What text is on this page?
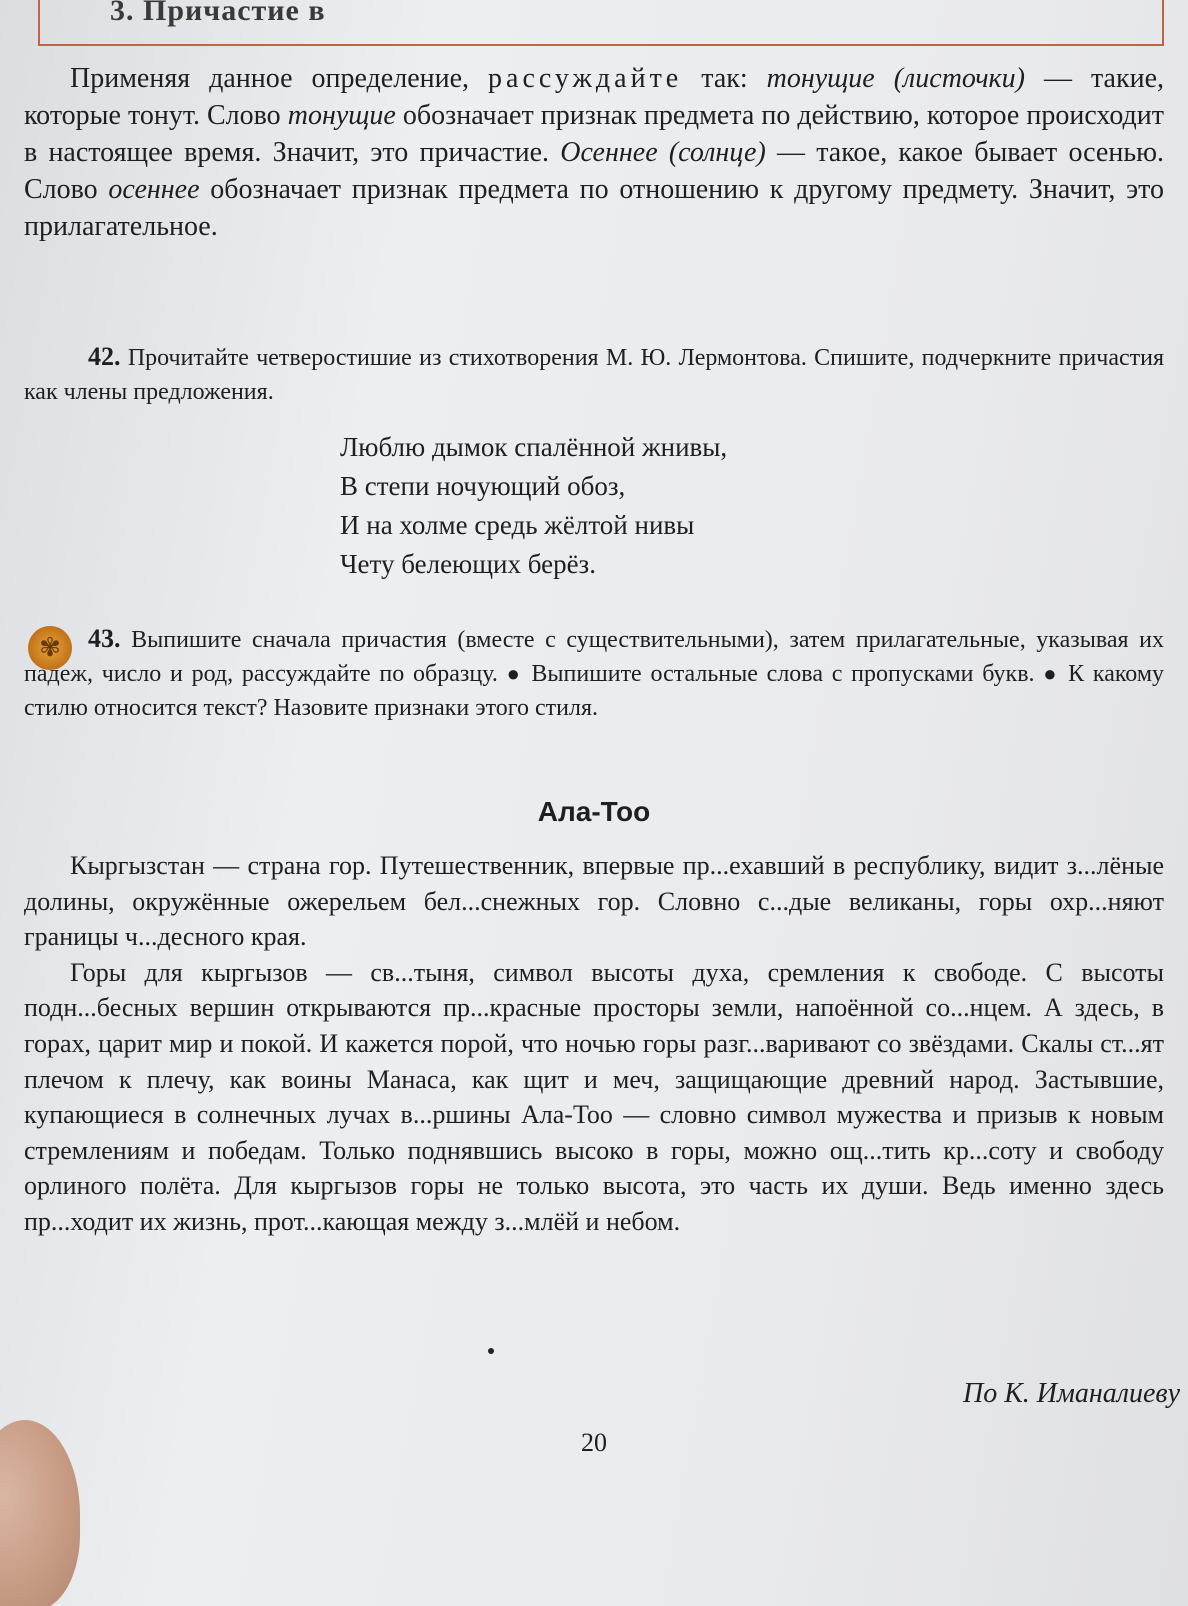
3. Причастие в

Применяя данное определение, рассуждайте так: тонущие (листочки) — такие, которые тонут. Слово тонущие обозначает признак предмета по действию, которое происходит в настоящее время. Значит, это причастие. Осеннее (солнце) — такое, какое бывает осенью. Слово осеннее обозначает признак предмета по отношению к другому предмету. Значит, это прилагательное.

42. Прочитайте четверостишие из стихотворения М. Ю. Лермонтова. Спишите, подчеркните причастия как члены предложения.

Люблю дымок спалённой жнивы,
В степи ночующий обоз,
И на холме средь жёлтой нивы
Чету белеющих берёз.
✾	43. Выпишите сначала причастия (вместе с существительными), затем прилагательные, указывая их падеж, число и род, рассуждайте по образцу. ● Выпишите остальные слова с пропусками букв. ● К какому стилю относится текст? Назовите признаки этого стиля.

Ала-Тоо

Кыргызстан — страна гор. Путешественник, впервые пр...ехавший в республику, видит з...лёные долины, окружённые ожерельем бел...снежных гор. Словно с...дые великаны, горы охр...няют границы ч...десного края.

Горы для кыргызов — св...тыня, символ высоты духа, сремления к свободе. С высоты подн...бесных вершин открываются пр...красные просторы земли, напоённой со...нцем. А здесь, в горах, царит мир и покой. И кажется порой, что ночью горы разг...варивают со звёздами. Скалы ст...ят плечом к плечу, как воины Манаса, как щит и меч, защищающие древний народ. Застывшие, купающиеся в солнечных лучах в...ршины Ала-Тоо — словно символ мужества и призыв к новым стремлениям и победам. Только поднявшись высоко в горы, можно ощ...тить кр...соту и свободу орлиного полёта. Для кыргызов горы не только высота, это часть их души. Ведь именно здесь пр...ходит их жизнь, прот...кающая между з...млёй и небом.

По К. Иманалиеву
20
